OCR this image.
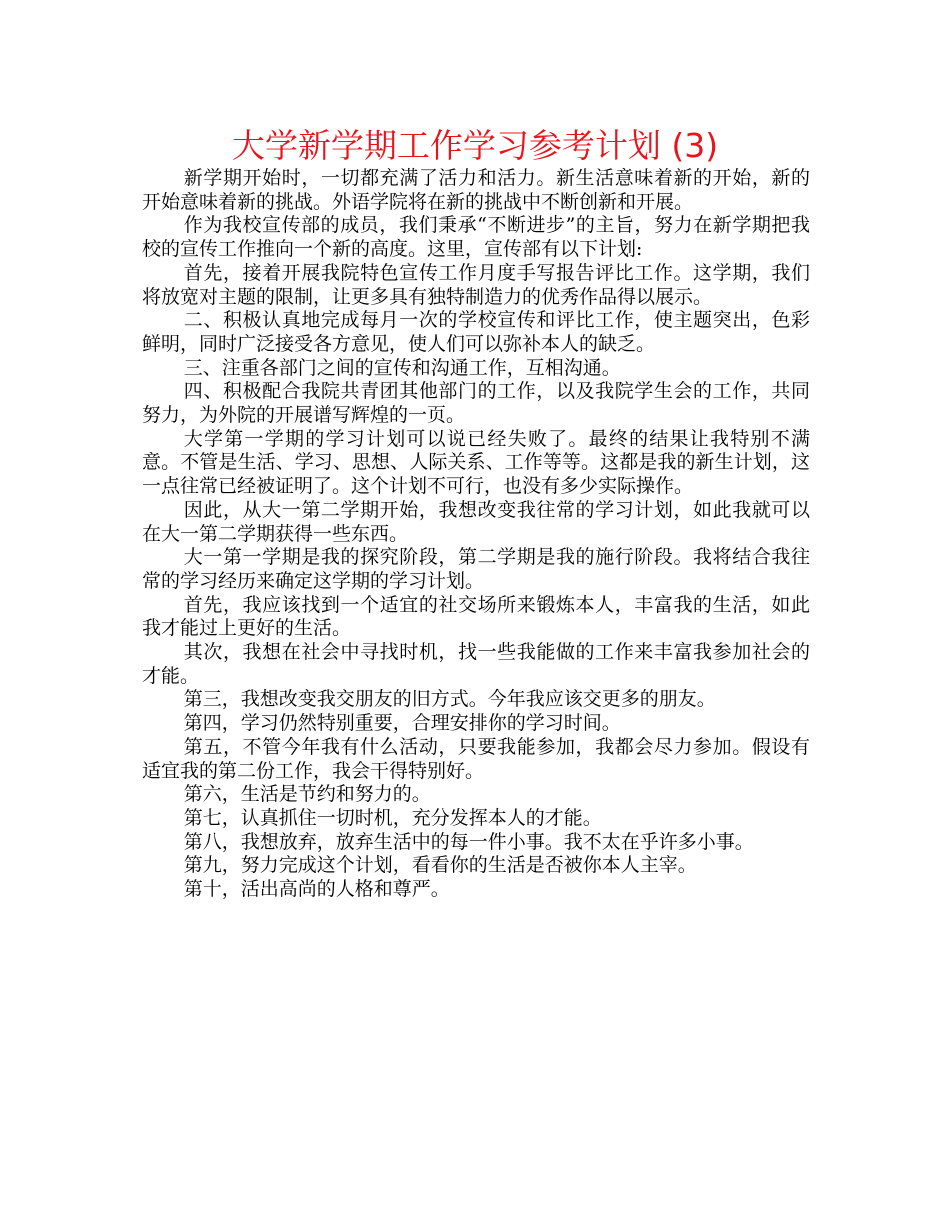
大学新学期工作学习参考计划 (3)

新学期开始时，一切都充满了活力和活力。新生活意味着新的开始，新的开始意味着新的挑战。外语学院将在新的挑战中不断创新和开展。

作为我校宣传部的成员，我们秉承“不断进步”的主旨，努力在新学期把我校的宣传工作推向一个新的高度。这里，宣传部有以下计划:

首先，接着开展我院特色宣传工作月度手写报告评比工作。这学期，我们将放宽对主题的限制，让更多具有独特制造力的优秀作品得以展示。

二、积极认真地完成每月一次的学校宣传和评比工作，使主题突出，色彩鲜明，同时广泛接受各方意见，使人们可以弥补本人的缺乏。

三、注重各部门之间的宣传和沟通工作，互相沟通。

四、积极配合我院共青团其他部门的工作，以及我院学生会的工作，共同努力，为外院的开展谱写辉煌的一页。

大学第一学期的学习计划可以说已经失败了。最终的结果让我特别不满意。不管是生活、学习、思想、人际关系、工作等等。这都是我的新生计划，这一点往常已经被证明了。这个计划不可行，也没有多少实际操作。

因此，从大一第二学期开始，我想改变我往常的学习计划，如此我就可以在大一第二学期获得一些东西。

大一第一学期是我的探究阶段，第二学期是我的施行阶段。我将结合我往常的学习经历来确定这学期的学习计划。

首先，我应该找到一个适宜的社交场所来锻炼本人，丰富我的生活，如此我才能过上更好的生活。

其次，我想在社会中寻找时机，找一些我能做的工作来丰富我参加社会的才能。

第三，我想改变我交朋友的旧方式。今年我应该交更多的朋友。

第四，学习仍然特别重要，合理安排你的学习时间。

第五，不管今年我有什么活动，只要我能参加，我都会尽力参加。假设有适宜我的第二份工作，我会干得特别好。

第六，生活是节约和努力的。

第七，认真抓住一切时机，充分发挥本人的才能。

第八，我想放弃，放弃生活中的每一件小事。我不太在乎许多小事。

第九，努力完成这个计划，看看你的生活是否被你本人主宰。

第十，活出高尚的人格和尊严。
